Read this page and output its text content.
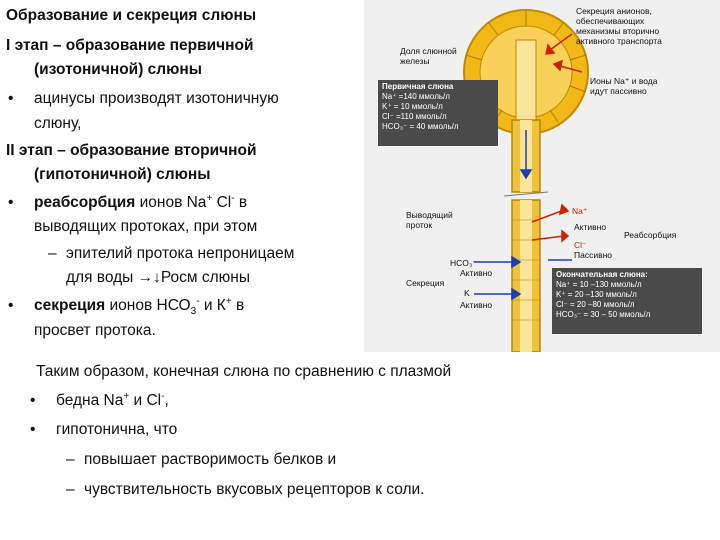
Образование и секреция слюны
I этап – образование первичной
(изотоничной) слюны
• ацинусы производят изотоничную
слюну,
II этап – образование вторичной
(гипотоничной) слюны
• реабсорбция ионов Na+ Cl- в
выводящих протоках, при этом
– эпителий протока непроницаем
для воды →↓Росм слюны
• секреция ионов $НСО_3^-$ и К+ в
просвет протока.
Таким образом, конечная слюна по сравнению с плазмой
• бедна Na+ и Cl-,
• гипотонична, что
– повышает растворимость белков и
– чувствительность вкусовых рецепторов к соли.
Доля слюнной
железы
Секреция анионов,
обеспечивающих
механизмы вторично
активного транспорта
Ионы Na⁺ и вода
идут пассивно
Первичная слюна
Na⁺ =140 ммоль/л
K⁺ = 10 ммоль/л
Cl⁻ =110 ммоль/л
HCO₃⁻ = 40 ммоль/л
Выводящий
проток
Na⁺
Активно
Реабсорбция
Cl⁻
Пассивно
HCO₃⁻
Активно
Секреция
K
Активно
Окончательная слюна:
Na⁺ = 10 –130 ммоль/л
K⁺ = 20 –130 ммоль/л
Cl⁻ = 20 –80 ммоль/л
HCO₃⁻ = 30 – 50 ммоль/л
